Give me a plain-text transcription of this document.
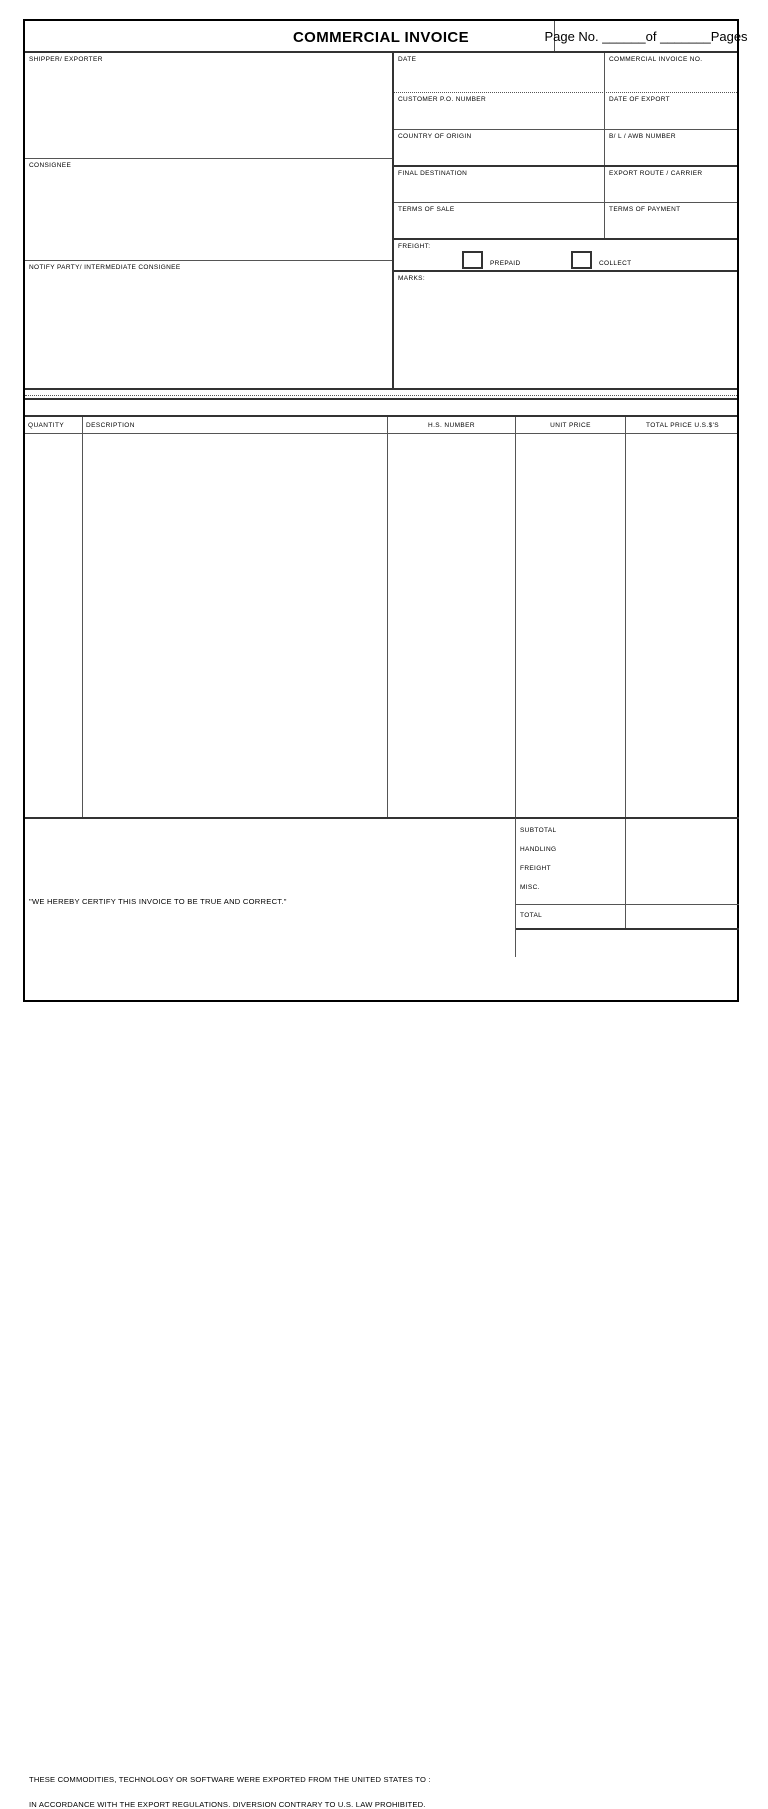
COMMERCIAL INVOICE	Page No. ______of _______Pages
SHIPPER/ EXPORTER
CONSIGNEE
NOTIFY PARTY/ INTERMEDIATE CONSIGNEE
DATE	COMMERCIAL INVOICE NO.
CUSTOMER P.O. NUMBER	DATE OF EXPORT
COUNTRY OF ORIGIN	B/ L / AWB NUMBER
FINAL DESTINATION	EXPORT ROUTE / CARRIER
TERMS OF SALE	TERMS OF PAYMENT
FREIGHT:
PREPAID	COLLECT
MARKS:
QUANTITY	DESCRIPTION	H.S. NUMBER	UNIT PRICE	TOTAL PRICE U.S.$'S
"WE HEREBY CERTIFY THIS INVOICE TO BE TRUE AND CORRECT."
SUBTOTAL
HANDLING
FREIGHT
MISC.
TOTAL
THESE COMMODITIES, TECHNOLOGY OR SOFTWARE WERE EXPORTED FROM THE UNITED STATES TO :
IN ACCORDANCE WITH THE EXPORT REGULATIONS. DIVERSION CONTRARY TO U.S. LAW PROHIBITED.
